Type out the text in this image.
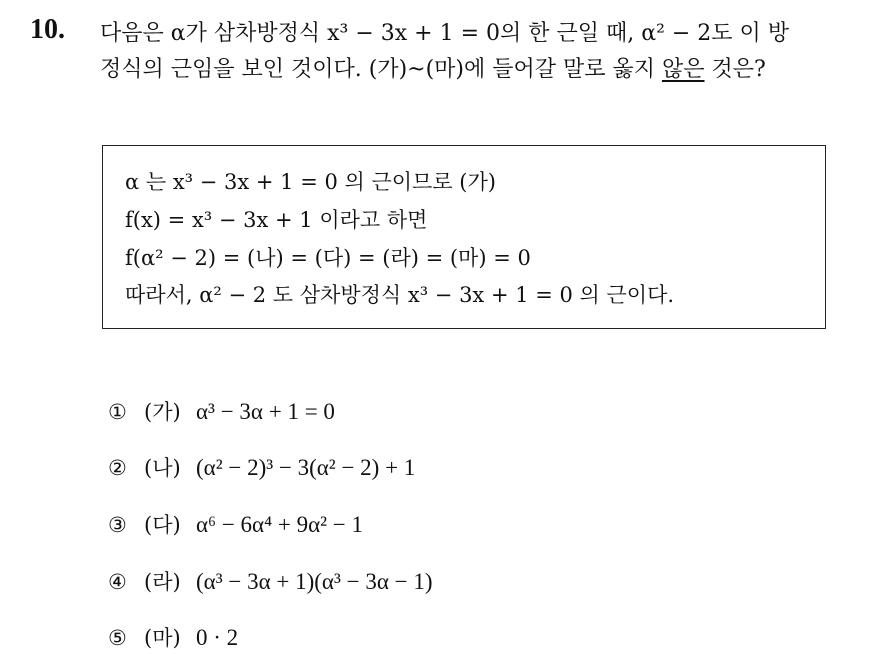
10. 다음은 α가 삼차방정식 x³ − 3x + 1 = 0의 한 근일 때, α² − 2도 이 방
정식의 근임을 보인 것이다. (가)~(마)에 들어갈 말로 옳지 않은 것은?
α 는 x³ − 3x + 1 = 0 의 근이므로 (가)
f(x) = x³ − 3x + 1 이라고 하면
f(α² − 2) = (나) = (다) = (라) = (마) = 0
따라서, α² − 2 도 삼차방정식 x³ − 3x + 1 = 0 의 근이다.
① (가) α³ − 3α + 1 = 0
② (나) (α² − 2)³ − 3(α² − 2) + 1
③ (다) α⁶ − 6α⁴ + 9α² − 1
④ (라) (α³ − 3α + 1)(α³ − 3α − 1)
⑤ (마) 0 · 2
